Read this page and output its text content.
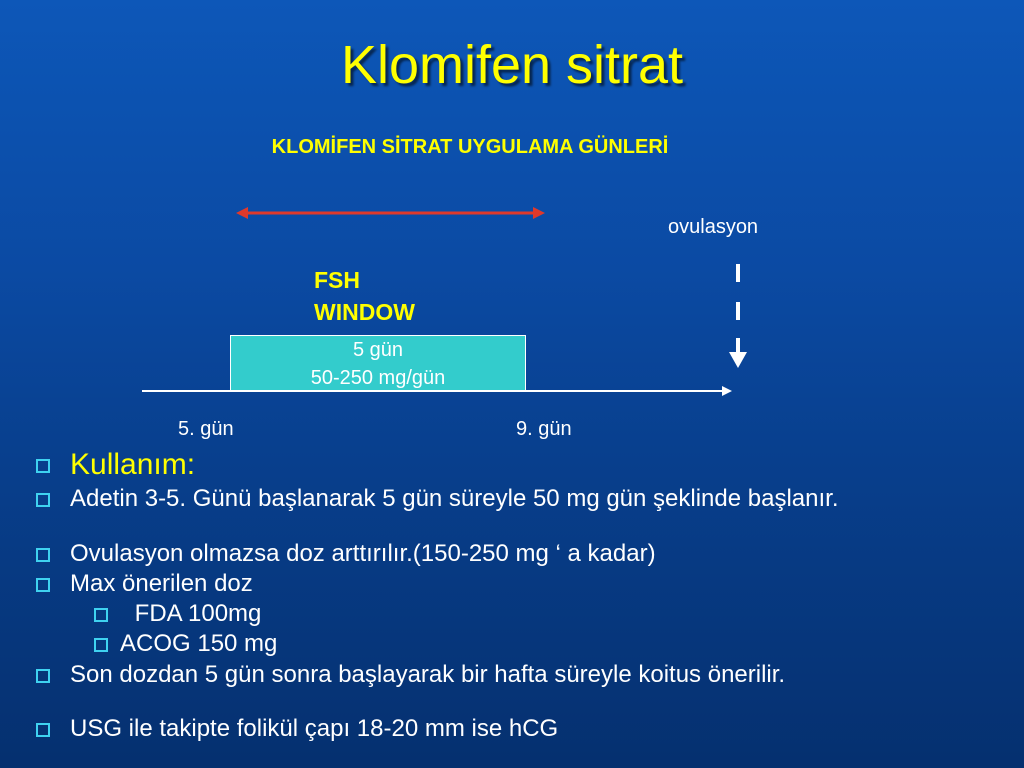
Klomifen sitrat
KLOMİFEN SİTRAT UYGULAMA GÜNLERİ
ovulasyon
FSH
WINDOW
5 gün
50-250 mg/gün
5. gün	9. gün
Kullanım:
Adetin 3-5. Günü başlanarak 5 gün süreyle 50 mg gün şeklinde başlanır.
Ovulasyon olmazsa doz arttırılır.(150-250 mg ‘ a kadar)
Max önerilen doz
FDA 100mg
ACOG 150 mg
Son dozdan 5 gün sonra başlayarak bir hafta süreyle koitus önerilir.
USG ile takipte folikül çapı 18-20 mm ise hCG
